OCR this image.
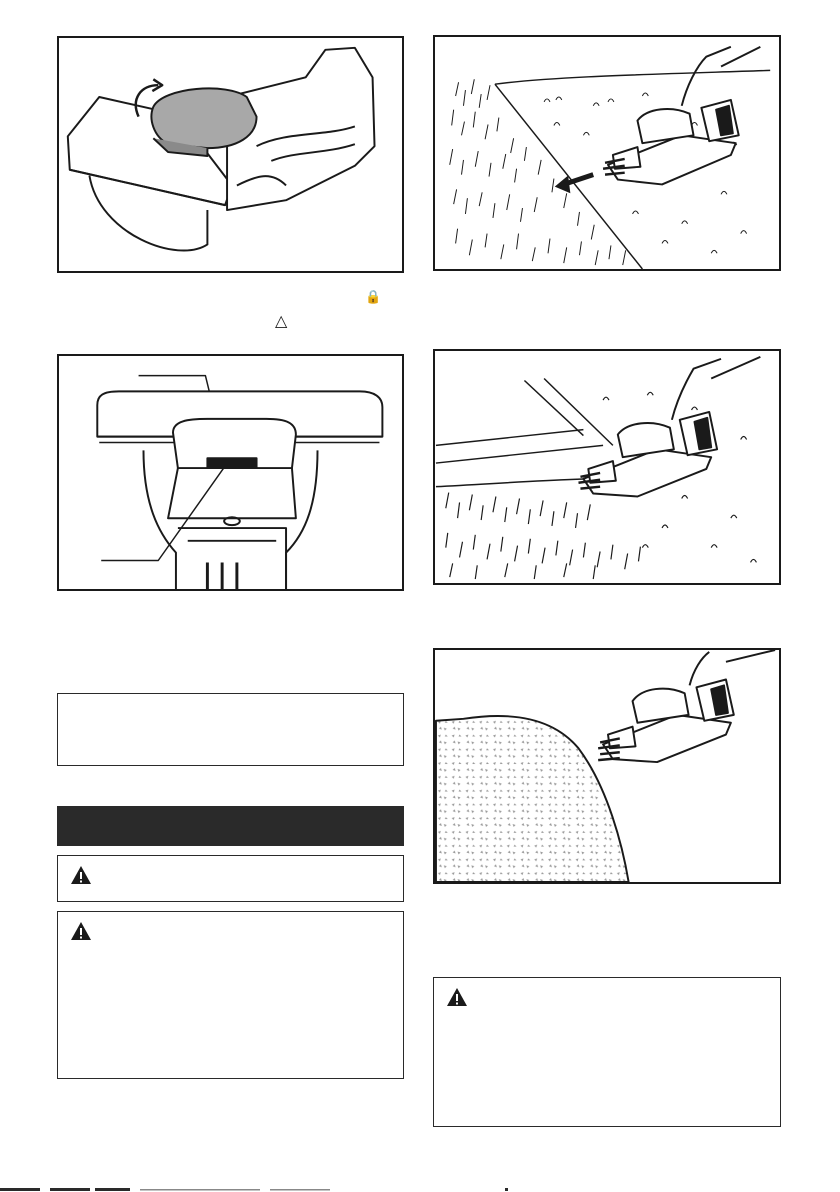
🔒
△
